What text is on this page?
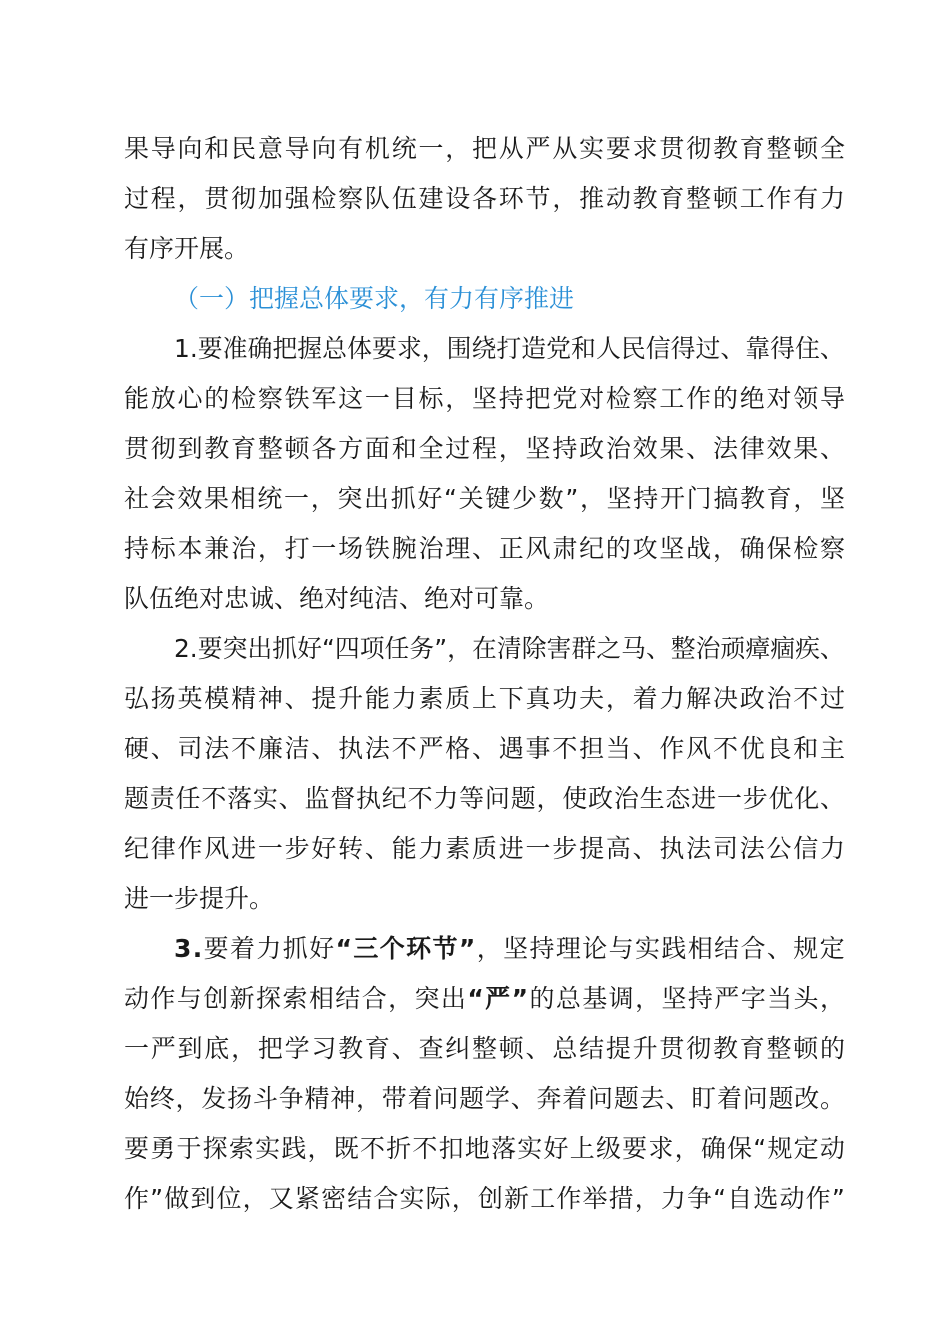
果导向和民意导向有机统一，把从严从实要求贯彻教育整顿全
过程，贯彻加强检察队伍建设各环节，推动教育整顿工作有力
有序开展。
（一）把握总体要求，有力有序推进
1.要准确把握总体要求，围绕打造党和人民信得过、靠得住、
能放心的检察铁军这一目标，坚持把党对检察工作的绝对领导
贯彻到教育整顿各方面和全过程，坚持政治效果、法律效果、
社会效果相统一，突出抓好“关键少数”，坚持开门搞教育，坚
持标本兼治，打一场铁腕治理、正风肃纪的攻坚战，确保检察
队伍绝对忠诚、绝对纯洁、绝对可靠。
2.要突出抓好“四项任务”，在清除害群之马、整治顽瘴痼疾、
弘扬英模精神、提升能力素质上下真功夫，着力解决政治不过
硬、司法不廉洁、执法不严格、遇事不担当、作风不优良和主
题责任不落实、监督执纪不力等问题，使政治生态进一步优化、
纪律作风进一步好转、能力素质进一步提高、执法司法公信力
进一步提升。
3.要着力抓好“三个环节”，坚持理论与实践相结合、规定
动作与创新探索相结合，突出“严”的总基调，坚持严字当头，
一严到底，把学习教育、查纠整顿、总结提升贯彻教育整顿的
始终，发扬斗争精神，带着问题学、奔着问题去、盯着问题改。
要勇于探索实践，既不折不扣地落实好上级要求，确保“规定动
作”做到位，又紧密结合实际，创新工作举措，力争“自选动作”
